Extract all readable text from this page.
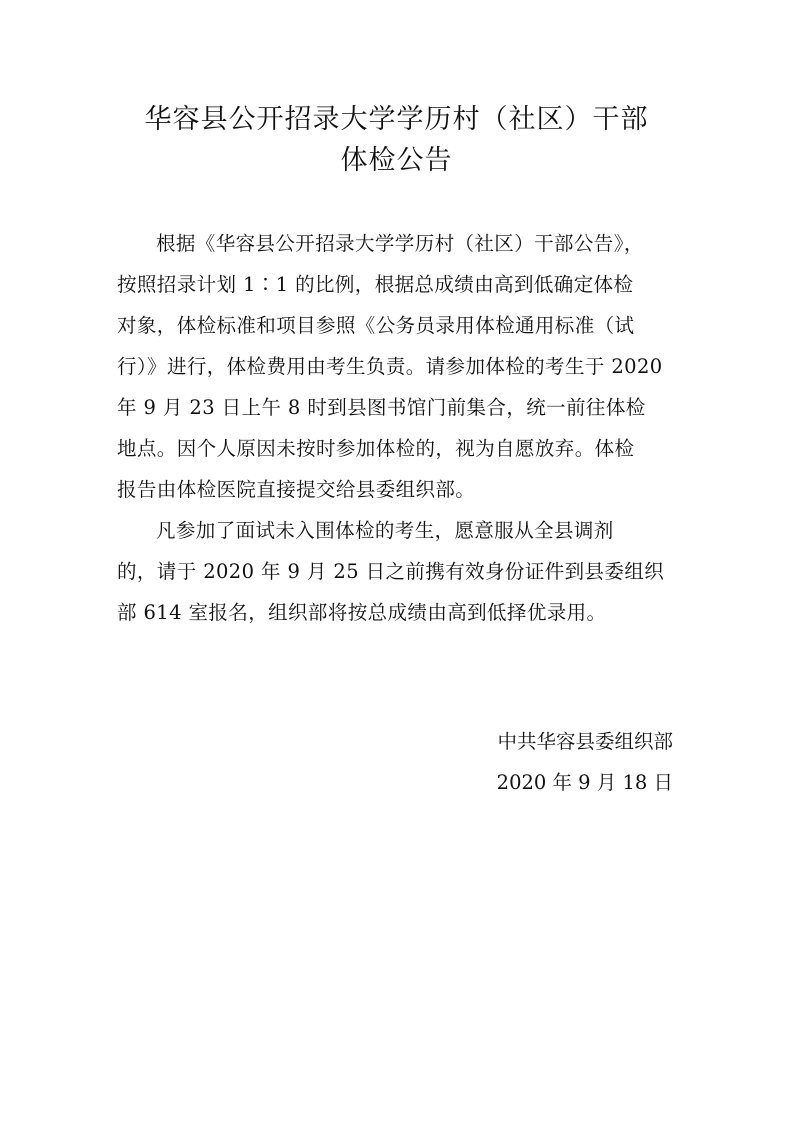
华容县公开招录大学学历村（社区）干部
体检公告

根据《华容县公开招录大学学历村（社区）干部公告》，

按照招录计划 1∶1 的比例，根据总成绩由高到低确定体检

对象，体检标准和项目参照《公务员录用体检通用标准（试

行）》进行，体检费用由考生负责。请参加体检的考生于 2020

年 9 月 23 日上午 8 时到县图书馆门前集合，统一前往体检

地点。因个人原因未按时参加体检的，视为自愿放弃。体检

报告由体检医院直接提交给县委组织部。

凡参加了面试未入围体检的考生，愿意服从全县调剂

的，请于 2020 年 9 月 25 日之前携有效身份证件到县委组织

部 614 室报名，组织部将按总成绩由高到低择优录用。

中共华容县委组织部

2020 年 9 月 18 日
